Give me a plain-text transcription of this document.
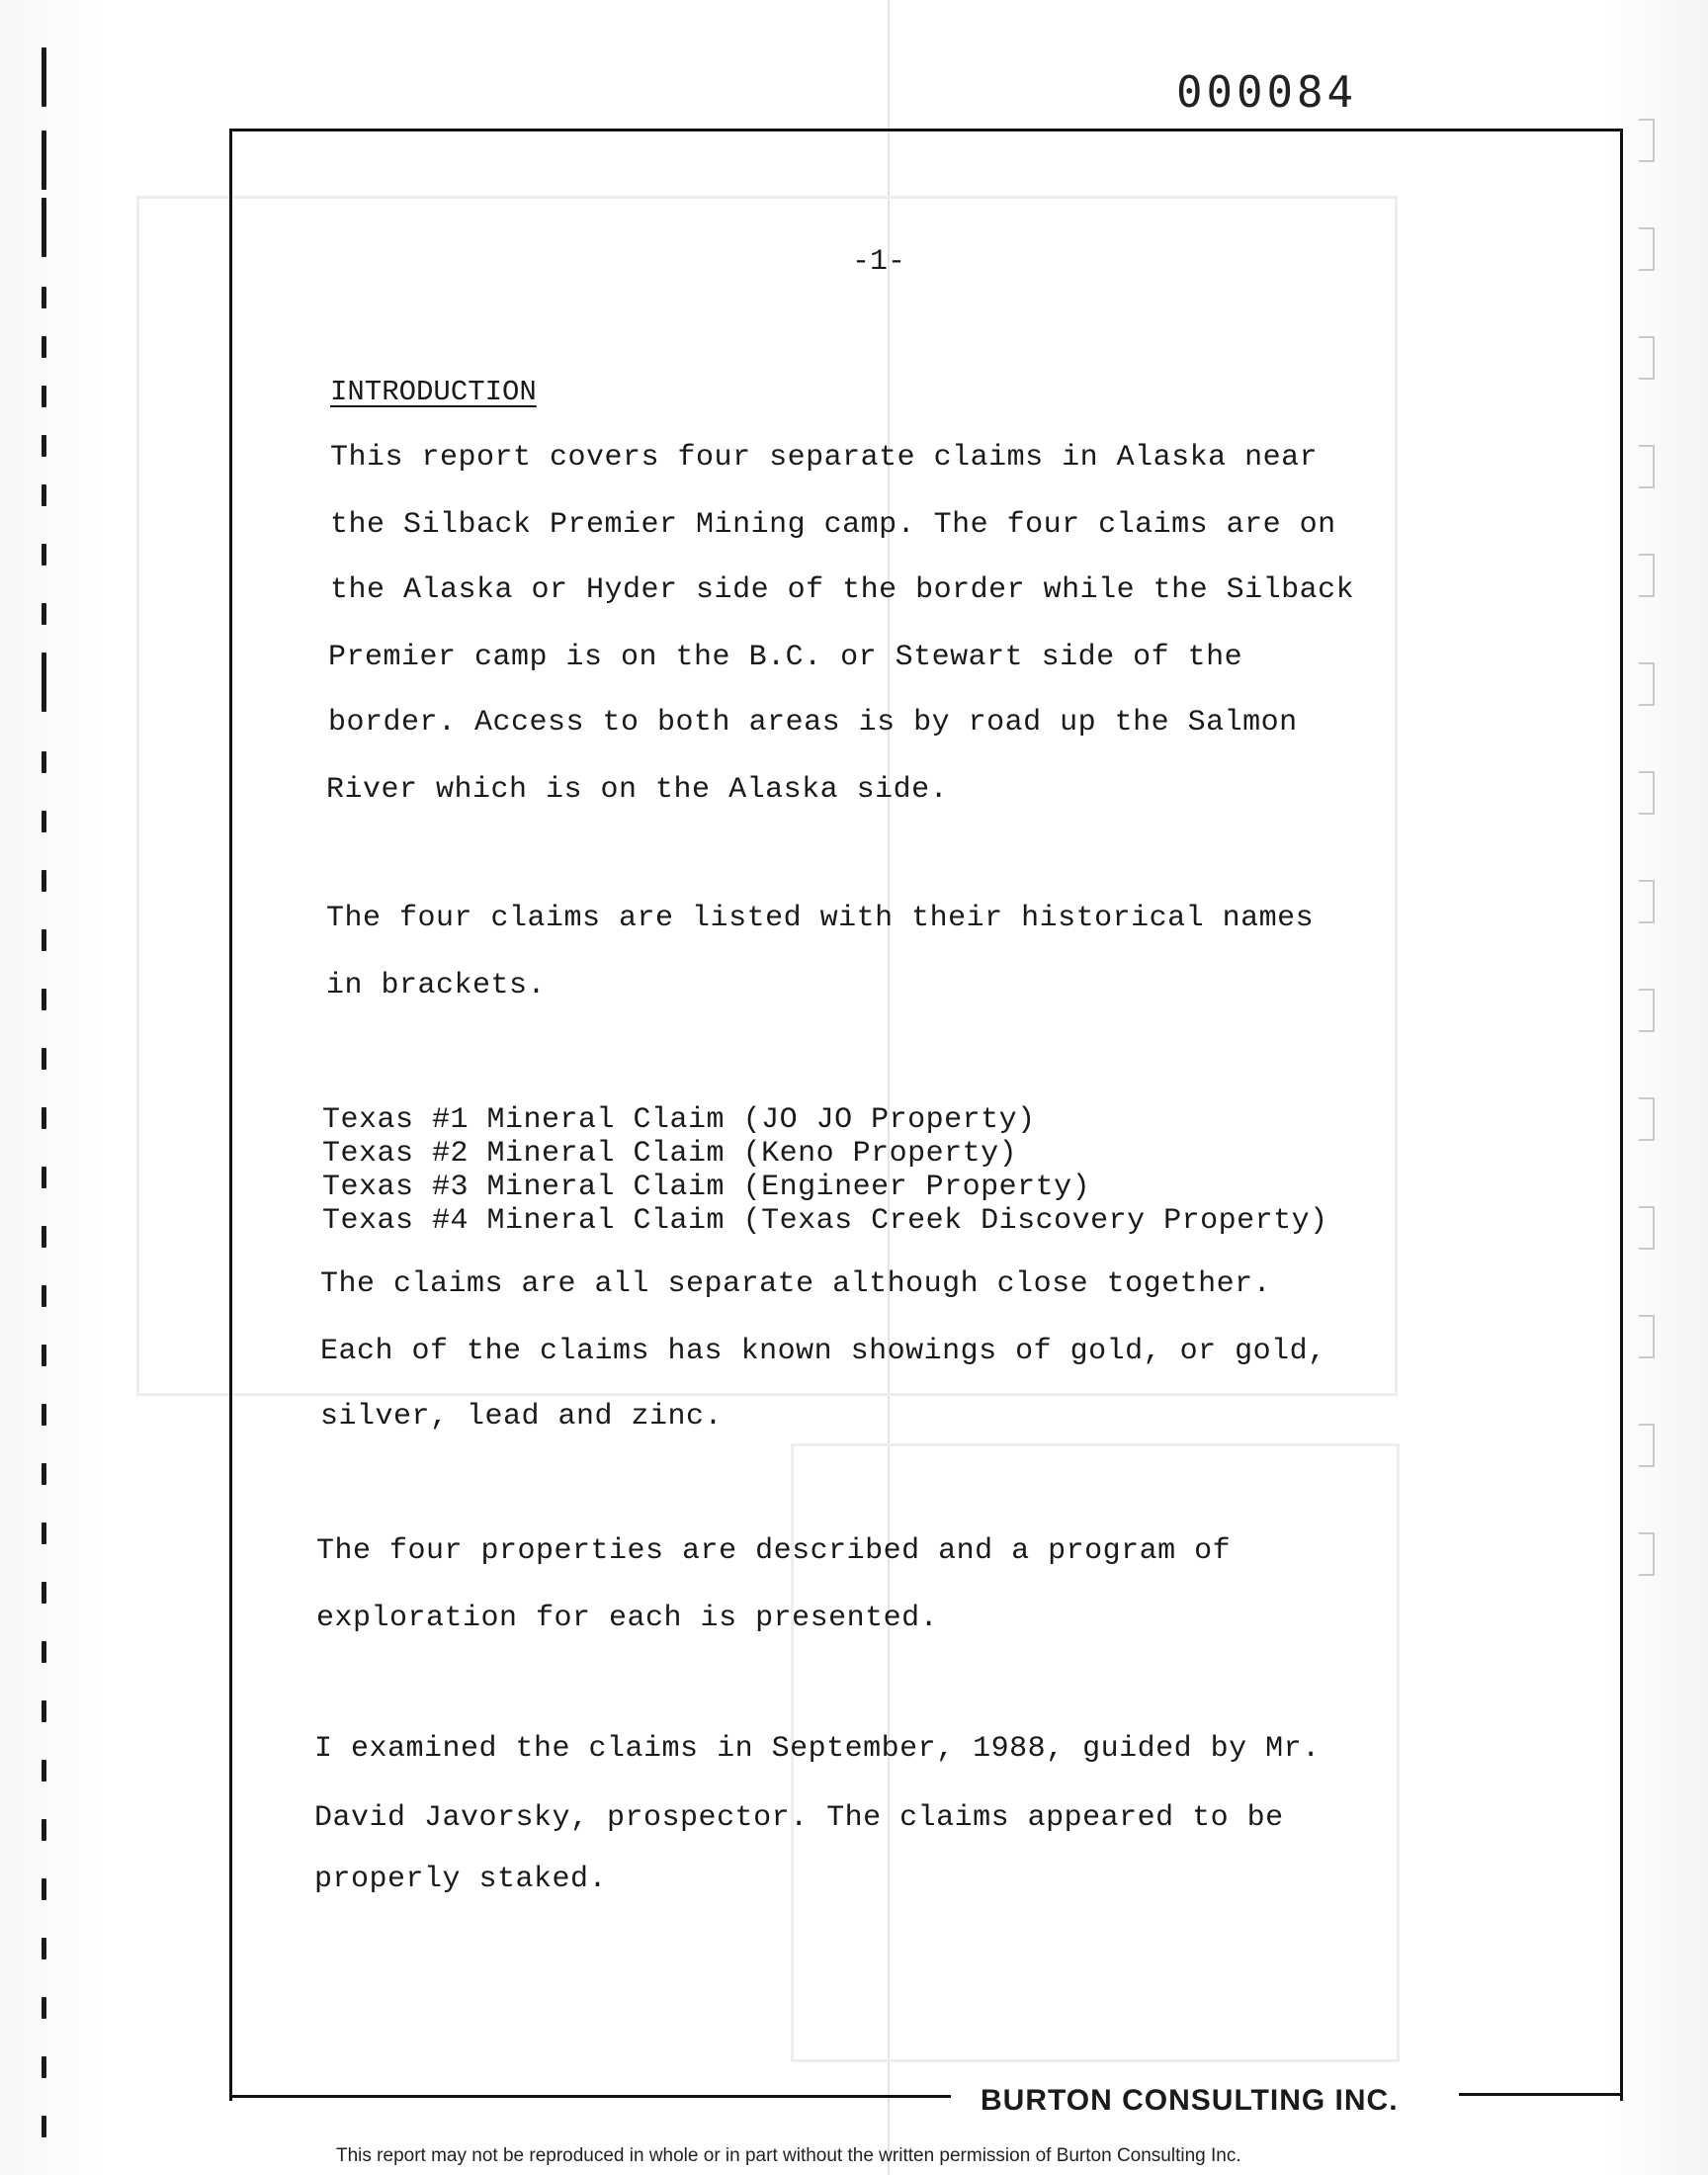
000084
-1-
INTRODUCTION
This report covers four separate claims in Alaska near
the Silback Premier Mining camp. The four claims are on
the Alaska or Hyder side of the border while the Silback
Premier camp is on the B.C. or Stewart side of the
border. Access to both areas is by road up the Salmon
River which is on the Alaska side.
The four claims are listed with their historical names
in brackets.
Texas #1 Mineral Claim (JO JO Property)
Texas #2 Mineral Claim (Keno Property)
Texas #3 Mineral Claim (Engineer Property)
Texas #4 Mineral Claim (Texas Creek Discovery Property)
The claims are all separate although close together.
Each of the claims has known showings of gold, or gold,
silver, lead and zinc.
The four properties are described and a program of
exploration for each is presented.
I examined the claims in September, 1988, guided by Mr.
David Javorsky, prospector. The claims appeared to be
properly staked.
BURTON CONSULTING INC.
This report may not be reproduced in whole or in part without the written permission of Burton Consulting Inc.
